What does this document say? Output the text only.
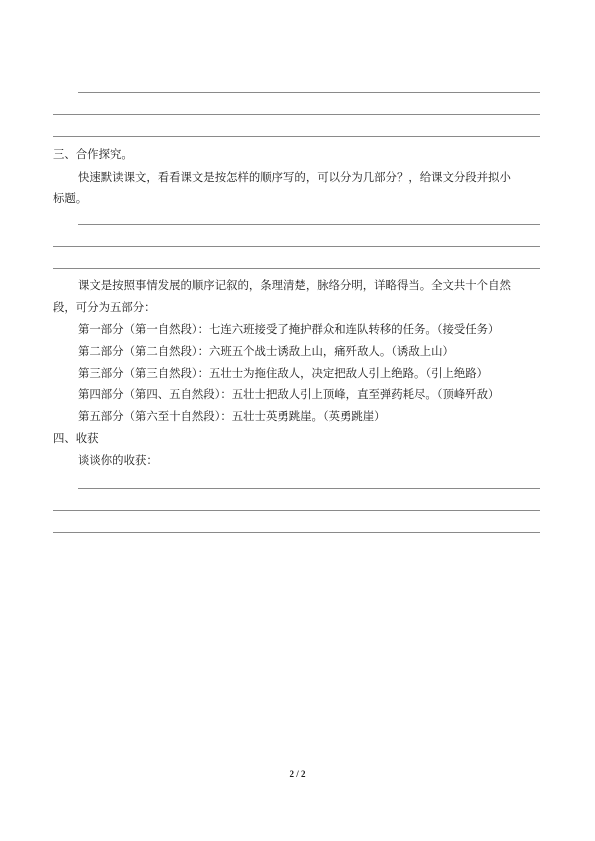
三、合作探究。
快速默读课文，看看课文是按怎样的顺序写的，可以分为几部分？，给课文分段并拟小
标题。
课文是按照事情发展的顺序记叙的，条理清楚，脉络分明，详略得当。全文共十个自然
段，可分为五部分：
第一部分（第一自然段）：七连六班接受了掩护群众和连队转移的任务。（接受任务）
第二部分（第二自然段）：六班五个战士诱敌上山，痛歼敌人。（诱敌上山）
第三部分（第三自然段）：五壮士为拖住敌人，决定把敌人引上绝路。（引上绝路）
第四部分（第四、五自然段）：五壮士把敌人引上顶峰，直至弹药耗尽。（顶峰歼敌）
第五部分（第六至十自然段）：五壮士英勇跳崖。（英勇跳崖）
四、收获
谈谈你的收获：
2 / 2
